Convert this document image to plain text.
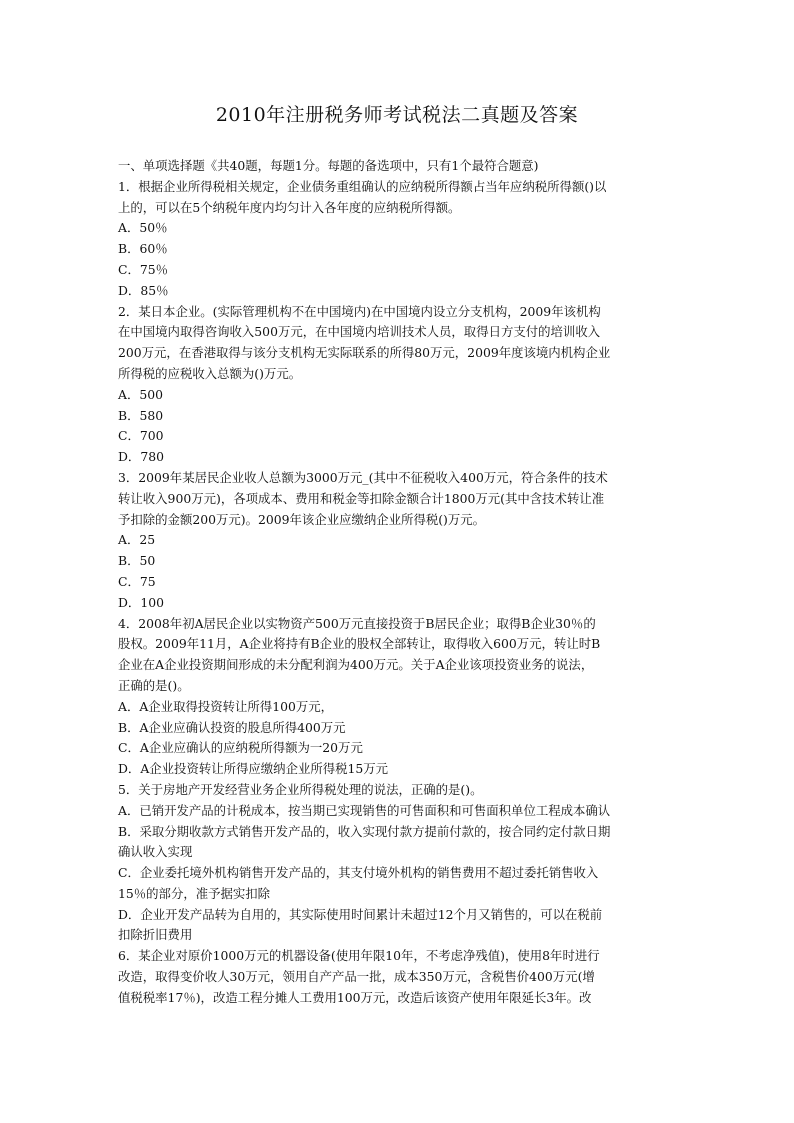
2010年注册税务师考试税法二真题及答案
一、单项选择题《共40题，每题1分。每题的备选项中，只有1个最符合题意)
1．根据企业所得税相关规定，企业债务重组确认的应纳税所得额占当年应纳税所得额()以
上的，可以在5个纳税年度内均匀计入各年度的应纳税所得额。
A．50％
B．60％
C．75％
D．85％
2．某日本企业。(实际管理机构不在中国境内)在中国境内设立分支机构，2009年该机构
在中国境内取得咨询收入500万元，在中国境内培训技术人员，取得日方支付的培训收入
200万元，在香港取得与该分支机构无实际联系的所得80万元，2009年度该境内机构企业
所得税的应税收入总额为()万元。
A．500
B．580
C．700
D．780
3．2009年某居民企业收人总额为3000万元_(其中不征税收入400万元，符合条件的技术
转让收入900万元)，各项成本、费用和税金等扣除金额合计1800万元(其中含技术转让准
予扣除的金额200万元)。2009年该企业应缴纳企业所得税()万元。
A．25
B．50
C．75
D．100
4．2008年初A居民企业以实物资产500万元直接投资于B居民企业；取得B企业30％的
股权。2009年11月，A企业将持有B企业的股权全部转让，取得收入600万元，转让时B
企业在A企业投资期间形成的未分配利润为400万元。关于A企业该项投资业务的说法，
正确的是()。
A．A企业取得投资转让所得100万元，
B．A企业应确认投资的股息所得400万元
C．A企业应确认的应纳税所得额为一20万元
D．A企业投资转让所得应缴纳企业所得税15万元
5．关于房地产开发经营业务企业所得税处理的说法，正确的是()。
A．已销开发产品的计税成本，按当期已实现销售的可售面积和可售面积单位工程成本确认
B．采取分期收款方式销售开发产品的，收入实现付款方提前付款的，按合同约定付款日期
确认收入实现
C．企业委托境外机构销售开发产品的，其支付境外机构的销售费用不超过委托销售收入
15％的部分，准予据实扣除
D．企业开发产品转为自用的，其实际使用时间累计未超过12个月又销售的，可以在税前
扣除折旧费用
6．某企业对原价1000万元的机器设备(使用年限10年，不考虑净残值)，使用8年时进行
改造，取得变价收人30万元，领用自产产品一批，成本350万元，含税售价400万元(增
值税税率17％)，改造工程分摊人工费用100万元，改造后该资产使用年限延长3年。改
